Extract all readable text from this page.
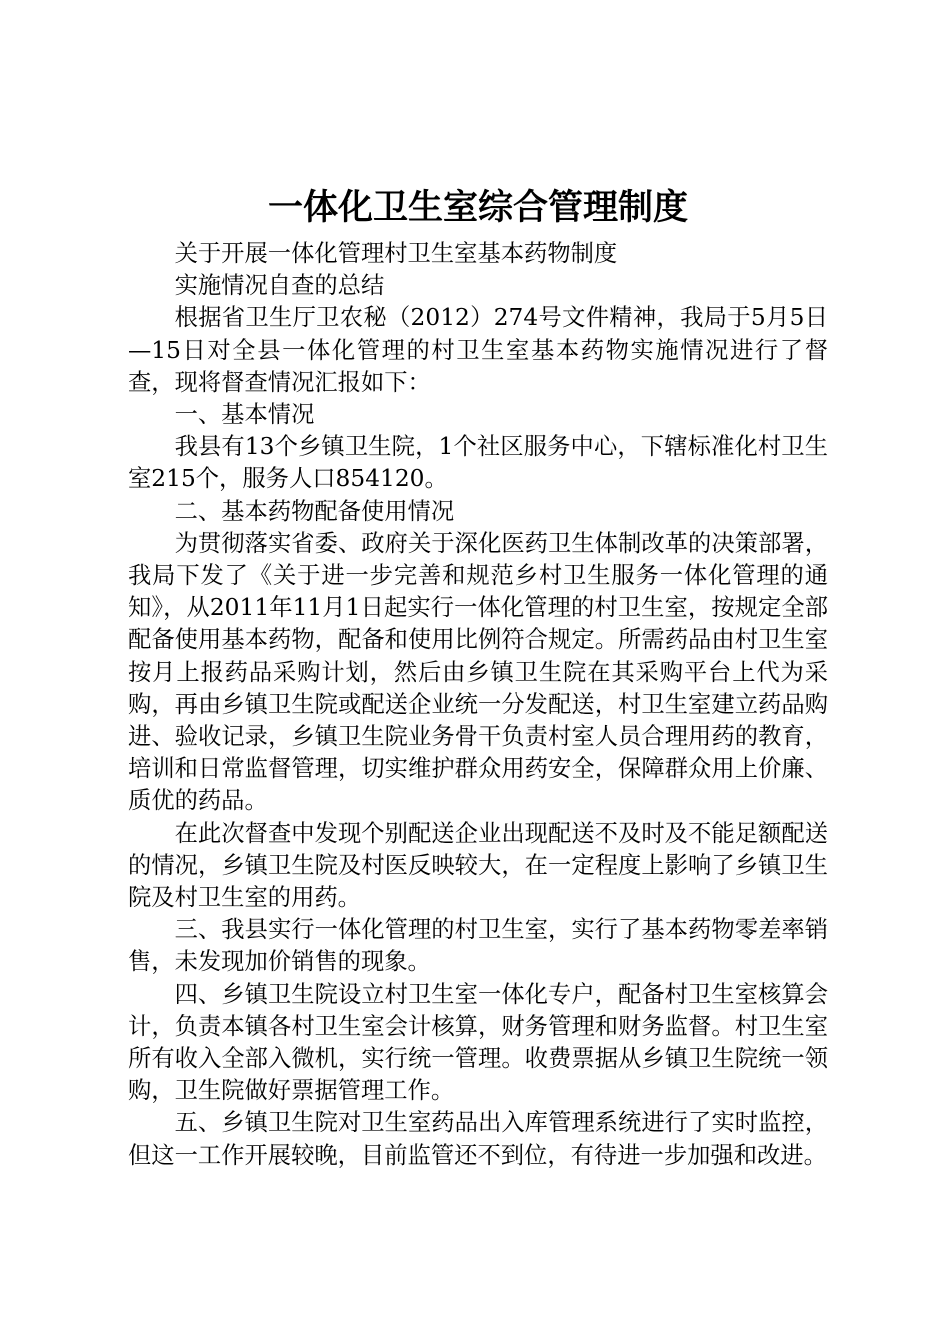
一体化卫生室综合管理制度

关于开展一体化管理村卫生室基本药物制度

实施情况自查的总结

根据省卫生厅卫农秘（2012）274号文件精神，我局于5月5日—15日对全县一体化管理的村卫生室基本药物实施情况进行了督查，现将督查情况汇报如下：

一、基本情况

我县有13个乡镇卫生院，1个社区服务中心，下辖标准化村卫生室215个，服务人口854120。

二、基本药物配备使用情况

为贯彻落实省委、政府关于深化医药卫生体制改革的决策部署，我局下发了《关于进一步完善和规范乡村卫生服务一体化管理的通知》，从2011年11月1日起实行一体化管理的村卫生室，按规定全部配备使用基本药物，配备和使用比例符合规定。所需药品由村卫生室按月上报药品采购计划，然后由乡镇卫生院在其采购平台上代为采购，再由乡镇卫生院或配送企业统一分发配送，村卫生室建立药品购进、验收记录，乡镇卫生院业务骨干负责村室人员合理用药的教育，培训和日常监督管理，切实维护群众用药安全，保障群众用上价廉、质优的药品。

在此次督查中发现个别配送企业出现配送不及时及不能足额配送的情况，乡镇卫生院及村医反映较大，在一定程度上影响了乡镇卫生院及村卫生室的用药。

三、我县实行一体化管理的村卫生室，实行了基本药物零差率销售，未发现加价销售的现象。

四、乡镇卫生院设立村卫生室一体化专户，配备村卫生室核算会计，负责本镇各村卫生室会计核算，财务管理和财务监督。村卫生室所有收入全部入微机，实行统一管理。收费票据从乡镇卫生院统一领购，卫生院做好票据管理工作。

五、乡镇卫生院对卫生室药品出入库管理系统进行了实时监控，但这一工作开展较晚，目前监管还不到位，有待进一步加强和改进。
